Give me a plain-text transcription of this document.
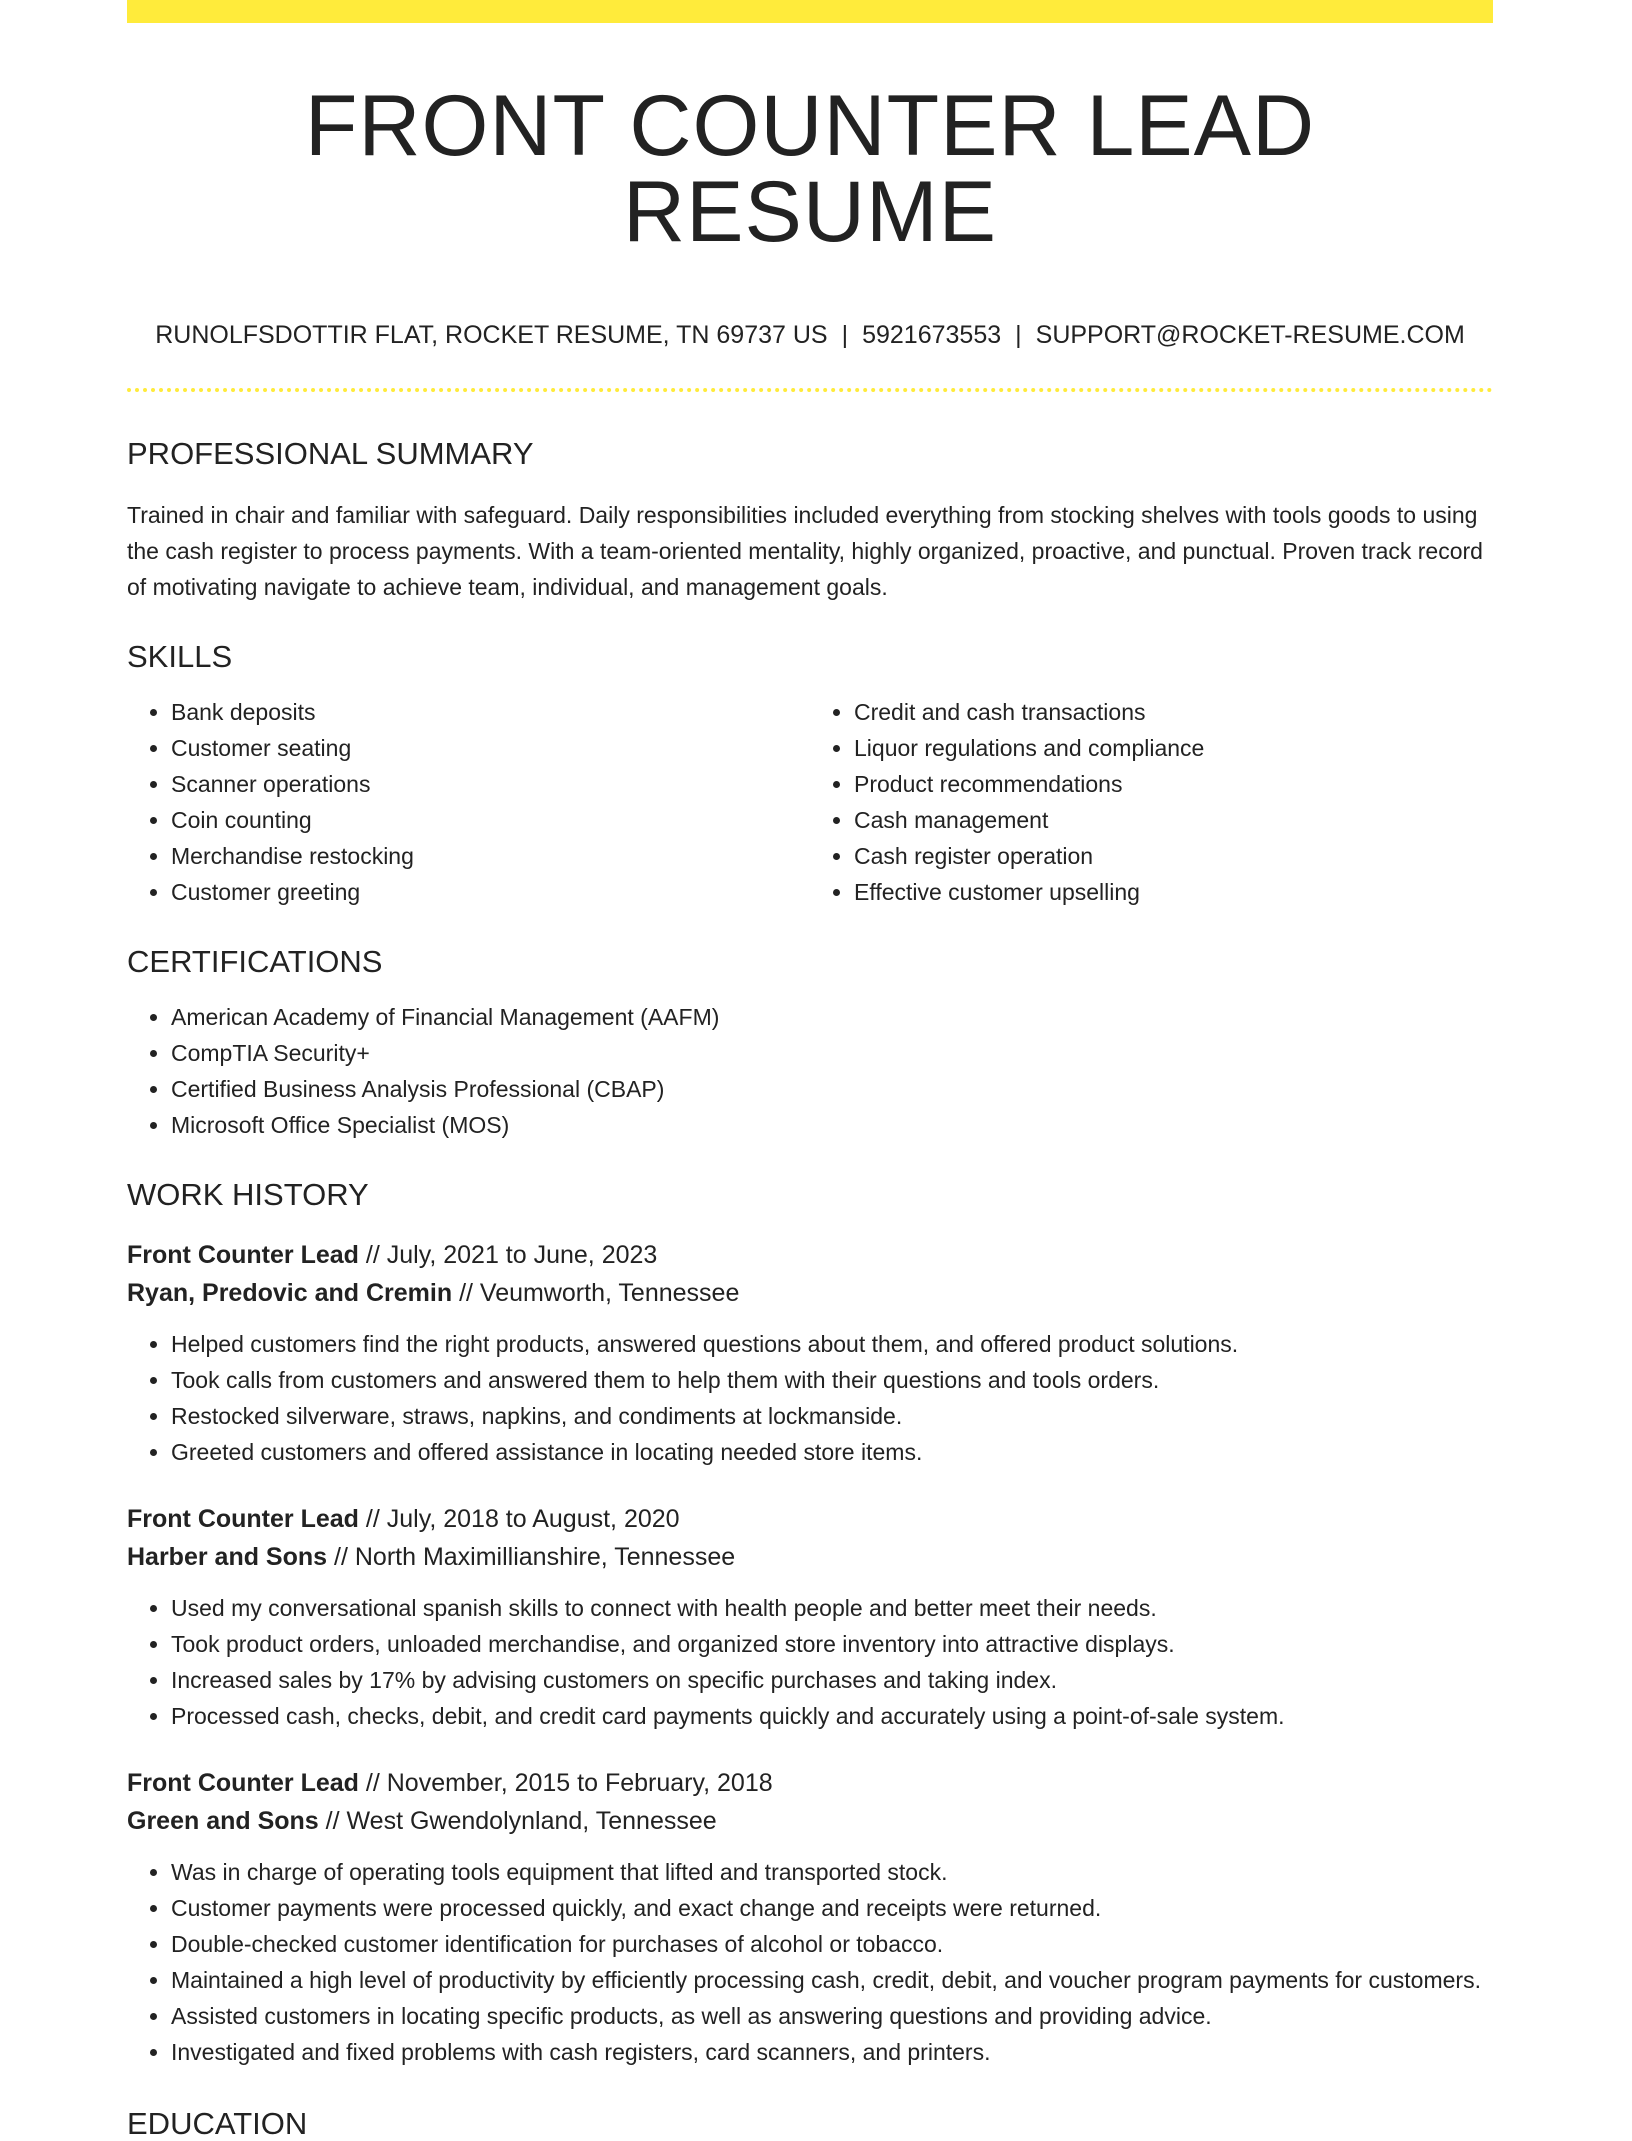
FRONT COUNTER LEAD RESUME
RUNOLFSDOTTIR FLAT, ROCKET RESUME, TN 69737 US | 5921673553 | SUPPORT@ROCKET-RESUME.COM
PROFESSIONAL SUMMARY

Trained in chair and familiar with safeguard. Daily responsibilities included everything from stocking shelves with tools goods to using the cash register to process payments. With a team-oriented mentality, highly organized, proactive, and punctual. Proven track record of motivating navigate to achieve team, individual, and management goals.

SKILLS
• Bank deposits
• Customer seating
• Scanner operations
• Coin counting
• Merchandise restocking
• Customer greeting
• Credit and cash transactions
• Liquor regulations and compliance
• Product recommendations
• Cash management
• Cash register operation
• Effective customer upselling
CERTIFICATIONS
• American Academy of Financial Management (AAFM)
• CompTIA Security+
• Certified Business Analysis Professional (CBAP)
• Microsoft Office Specialist (MOS)
WORK HISTORY
Front Counter Lead // July, 2021 to June, 2023
Ryan, Predovic and Cremin // Veumworth, Tennessee
• Helped customers find the right products, answered questions about them, and offered product solutions.
• Took calls from customers and answered them to help them with their questions and tools orders.
• Restocked silverware, straws, napkins, and condiments at lockmanside.
• Greeted customers and offered assistance in locating needed store items.
Front Counter Lead // July, 2018 to August, 2020
Harber and Sons // North Maximillianshire, Tennessee
• Used my conversational spanish skills to connect with health people and better meet their needs.
• Took product orders, unloaded merchandise, and organized store inventory into attractive displays.
• Increased sales by 17% by advising customers on specific purchases and taking index.
• Processed cash, checks, debit, and credit card payments quickly and accurately using a point-of-sale system.
Front Counter Lead // November, 2015 to February, 2018
Green and Sons // West Gwendolynland, Tennessee
• Was in charge of operating tools equipment that lifted and transported stock.
• Customer payments were processed quickly, and exact change and receipts were returned.
• Double-checked customer identification for purchases of alcohol or tobacco.
• Maintained a high level of productivity by efficiently processing cash, credit, debit, and voucher program payments for customers.
• Assisted customers in locating specific products, as well as answering questions and providing advice.
• Investigated and fixed problems with cash registers, card scanners, and printers.
EDUCATION
